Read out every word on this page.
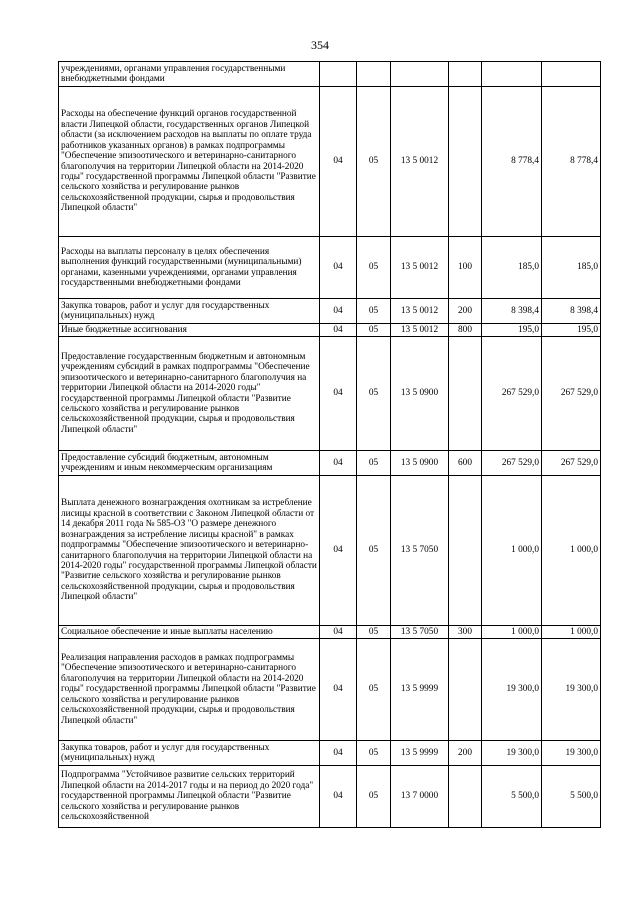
354
учреждениями, органами управления государственными внебюджетными фондами						
Расходы на обеспечение функций органов государственной власти Липецкой области, государственных органов Липецкой области (за исключением расходов на выплаты по оплате труда работников указанных органов) в рамках подпрограммы "Обеспечение эпизоотического и ветеринарно-санитарного благополучия на территории Липецкой области на 2014-2020 годы" государственной программы Липецкой области "Развитие сельского хозяйства и регулирование рынков сельскохозяйственной продукции, сырья и продовольствия Липецкой области"	04	05	13 5 0012		8 778,4	8 778,4
Расходы на выплаты персоналу в целях обеспечения выполнения функций государственными (муниципальными) органами, казенными учреждениями, органами управления государственными внебюджетными фондами	04	05	13 5 0012	100	185,0	185,0
Закупка товаров, работ и услуг для государственных (муниципальных) нужд	04	05	13 5 0012	200	8 398,4	8 398,4
Иные бюджетные ассигнования	04	05	13 5 0012	800	195,0	195,0
Предоставление государственным бюджетным и автономным учреждениям субсидий в рамках подпрограммы "Обеспечение эпизоотического и ветеринарно-санитарного благополучия на территории Липецкой области на 2014-2020 годы" государственной программы Липецкой области "Развитие сельского хозяйства и регулирование рынков сельскохозяйственной продукции, сырья и продовольствия Липецкой области"	04	05	13 5 0900		267 529,0	267 529,0
Предоставление субсидий бюджетным, автономным учреждениям и иным некоммерческим организациям	04	05	13 5 0900	600	267 529,0	267 529,0
Выплата денежного вознаграждения охотникам за истребление лисицы красной в соответствии с Законом Липецкой области от 14 декабря 2011 года № 585-ОЗ "О размере денежного вознаграждения за истребление лисицы красной" в рамках подпрограммы "Обеспечение эпизоотического и ветеринарно-санитарного благополучия на территории Липецкой области на 2014-2020 годы" государственной программы Липецкой области "Развитие сельского хозяйства и регулирование рынков сельскохозяйственной продукции, сырья и продовольствия Липецкой области"	04	05	13 5 7050		1 000,0	1 000,0
Социальное обеспечение и иные выплаты населению	04	05	13 5 7050	300	1 000,0	1 000,0
Реализация направления расходов в рамках подпрограммы "Обеспечение эпизоотического и ветеринарно-санитарного благополучия на территории Липецкой области на 2014-2020 годы" государственной программы Липецкой области "Развитие сельского хозяйства и регулирование рынков сельскохозяйственной продукции, сырья и продовольствия Липецкой области"	04	05	13 5 9999		19 300,0	19 300,0
Закупка товаров, работ и услуг для государственных (муниципальных) нужд	04	05	13 5 9999	200	19 300,0	19 300,0
Подпрограмма "Устойчивое развитие сельских территорий Липецкой области на 2014-2017 годы и на период до 2020 года" государственной программы Липецкой области "Развитие сельского хозяйства и регулирование рынков сельскохозяйственной	04	05	13 7 0000		5 500,0	5 500,0
